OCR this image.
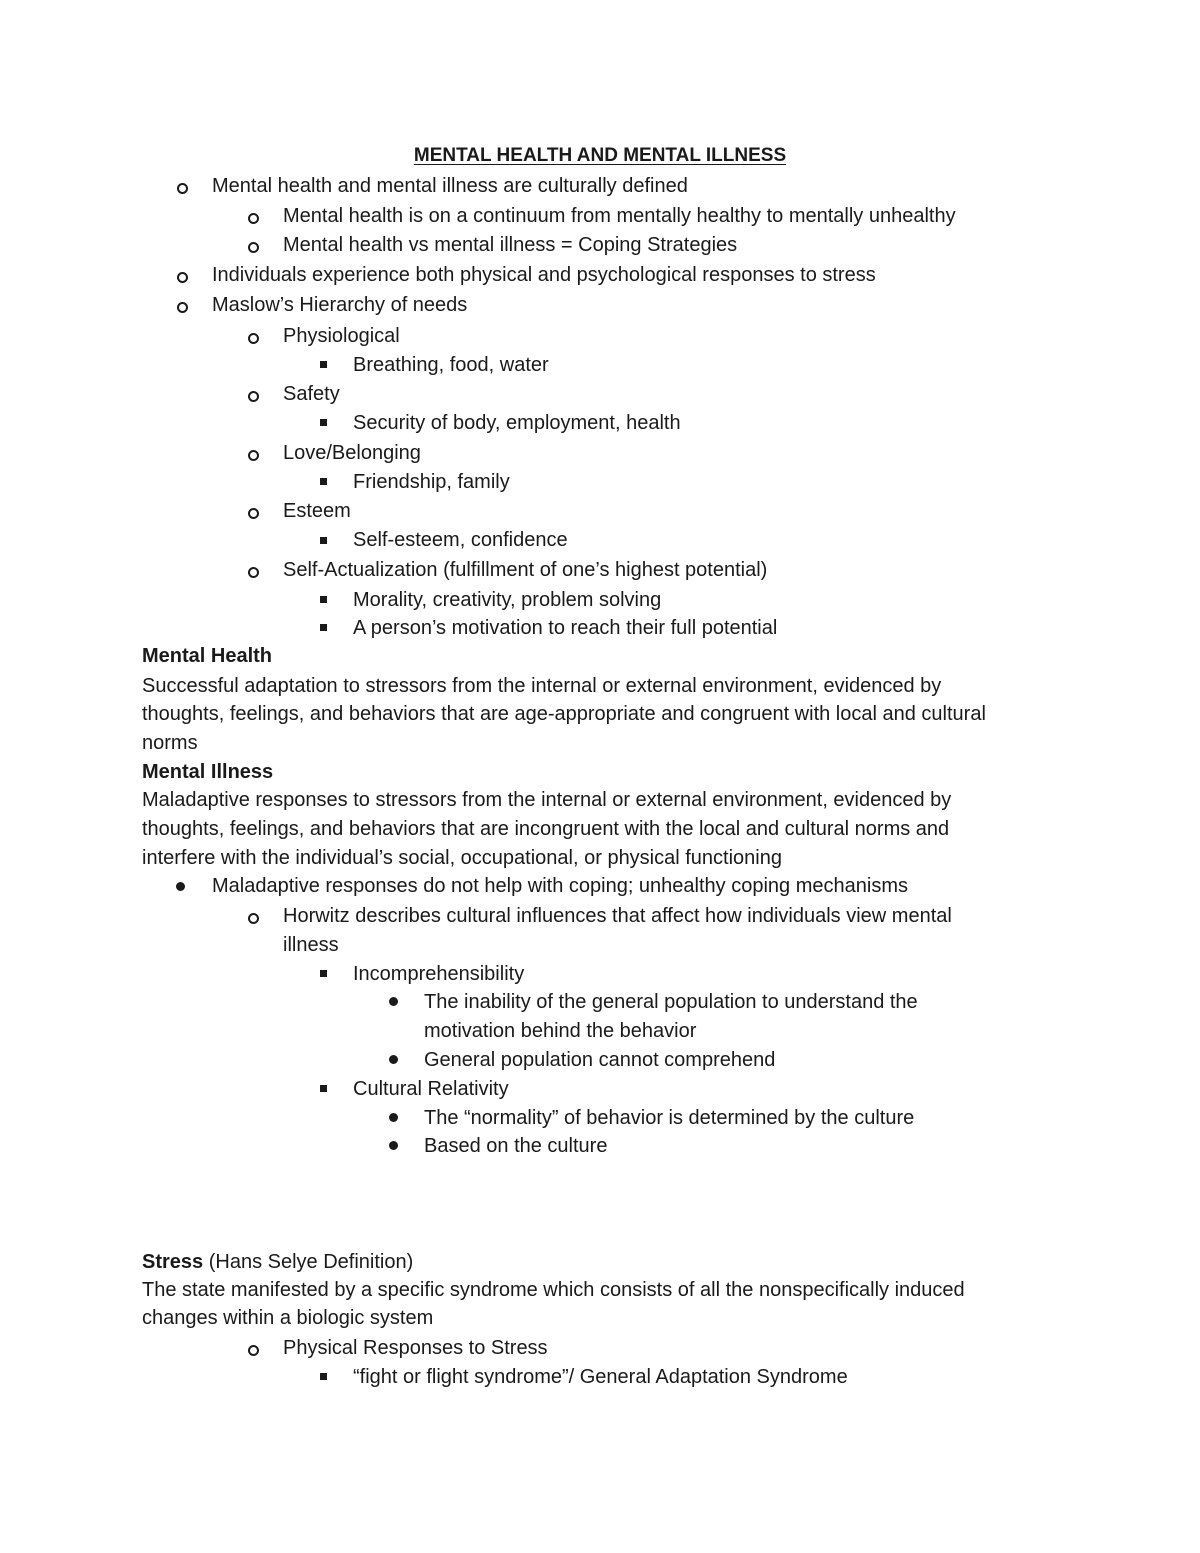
MENTAL HEALTH AND MENTAL ILLNESS
Mental health and mental illness are culturally defined
Mental health is on a continuum from mentally healthy to mentally unhealthy
Mental health vs mental illness = Coping Strategies
Individuals experience both physical and psychological responses to stress
Maslow’s Hierarchy of needs
Physiological
Breathing, food, water
Safety
Security of body, employment, health
Love/Belonging
Friendship, family
Esteem
Self-esteem, confidence
Self-Actualization (fulfillment of one’s highest potential)
Morality, creativity, problem solving
A person’s motivation to reach their full potential
Mental Health
Successful adaptation to stressors from the internal or external environment, evidenced by
thoughts, feelings, and behaviors that are age-appropriate and congruent with local and cultural
norms
Mental Illness
Maladaptive responses to stressors from the internal or external environment, evidenced by
thoughts, feelings, and behaviors that are incongruent with the local and cultural norms and
interfere with the individual’s social, occupational, or physical functioning
Maladaptive responses do not help with coping; unhealthy coping mechanisms
Horwitz describes cultural influences that affect how individuals view mental
illness
Incomprehensibility
The inability of the general population to understand the
motivation behind the behavior
General population cannot comprehend
Cultural Relativity
The “normality” of behavior is determined by the culture
Based on the culture
Stress (Hans Selye Definition)
The state manifested by a specific syndrome which consists of all the nonspecifically induced
changes within a biologic system
Physical Responses to Stress
“fight or flight syndrome”/ General Adaptation Syndrome
